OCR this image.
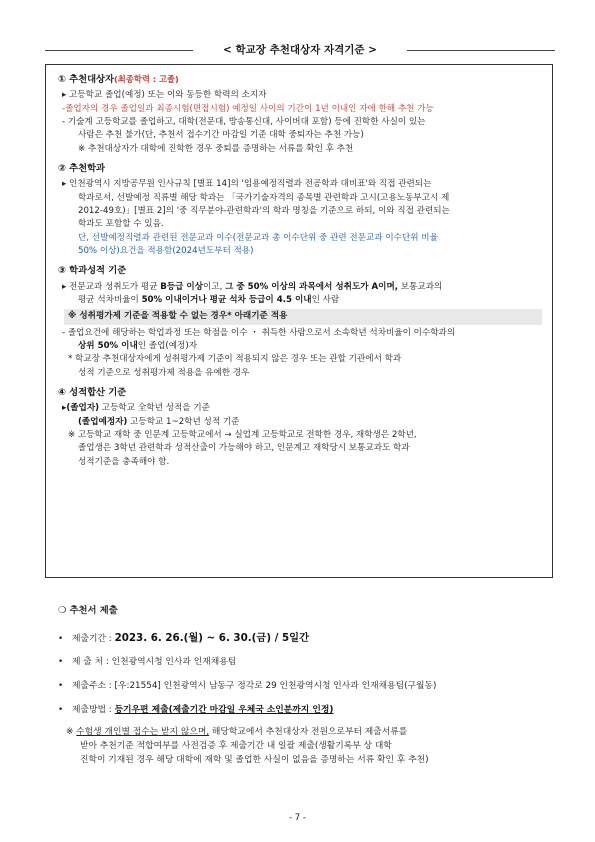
< 학교장 추천대상자 자격기준 >
① 추천대상자(최종학력 : 고졸)
▸ 고등학교 졸업(예정) 또는 이와 동등한 학력의 소지자
-졸업자의 경우 졸업일과 최종시험(면접시험) 예정일 사이의 기간이 1년 이내인 자에 한해 추천 가능
- 기술계 고등학교를 졸업하고, 대학(전문대, 방송통신대, 사이버대 포함) 등에 진학한 사실이 있는
사람은 추천 불가(단, 추천서 접수기간 마감일 기준 대학 중퇴자는 추천 가능)
※ 추천대상자가 대학에 진학한 경우 중퇴를 증명하는 서류를 확인 후 추천
② 추천학과
▸ 인천광역시 지방공무원 인사규칙 [별표 14]의 '임용예정직렬과 전공학과 대비표'와 직접 관련되는
학과로서, 선발예정 직류별 해당 학과는 「국가기술자격의 종목별 관련학과 고시(고용노동부고시 제
2012-49호)」[별표 2]의 '중 직무분야-관련학과'의 학과 명칭을 기준으로 하되, 이와 직접 관련되는
학과도 포함할 수 있음.
단, 선발예정직렬과 관련된 전문교과 이수(전문교과 총 이수단위 중 관련 전문교과 이수단위 비율
50% 이상)요건을 적용함(2024년도부터 적용)
③ 학과성적 기준
▸ 전문교과 성취도가 평균 B등급 이상이고, 그 중 50% 이상의 과목에서 성취도가 A이며, 보통교과의
평균 석차비율이 50% 이내이거나 평균 석차 등급이 4.5 이내인 사람
※ 성취평가제 기준을 적용할 수 없는 경우* 아래기준 적용
- 졸업요건에 해당하는 학업과정 또는 학점을 이수 ・ 취득한 사람으로서 소속학년 석차비율이 이수학과의
상위 50% 이내인 졸업(예정)자
* 학교장 추천대상자에게 성취평가제 기준이 적용되지 않은 경우 또는 관할 기관에서 학과
성적 기준으로 성취평가제 적용을 유예한 경우
④ 성적합산 기준
▸(졸업자) 고등학교 全학년 성적을 기준
(졸업예정자) 고등학교 1~2학년 성적 기준
※ 고등학교 재학 중 인문계 고등학교에서 → 실업계 고등학교로 전학한 경우, 재학생은 2학년,
졸업생은 3학년 관련학과 성적산출이 가능해야 하고, 인문계고 재학당시 보통교과도 학과
성적기준을 충족해야 함.
❍ 추천서 제출
• 제출기간 : 2023. 6. 26.(월) ~ 6. 30.(금) / 5일간
• 제 출 처 : 인천광역시청 인사과 인재채용팀
• 제출주소 : [우:21554] 인천광역시 남동구 정각로 29 인천광역시청 인사과 인재채용팀(구월동)
• 제출방법 : 등기우편 제출(제출기간 마감일 우체국 소인분까지 인정)
※ 수험생 개인별 접수는 받지 않으며, 해당학교에서 추천대상자 전원으로부터 제출서류를
받아 추천기준 적합여부를 사전검증 후 제출기간 내 일괄 제출(생활기록부 상 대학
진학이 기재된 경우 해당 대학에 재학 및 졸업한 사실이 없음을 증명하는 서류 확인 후 추천)
- 7 -
